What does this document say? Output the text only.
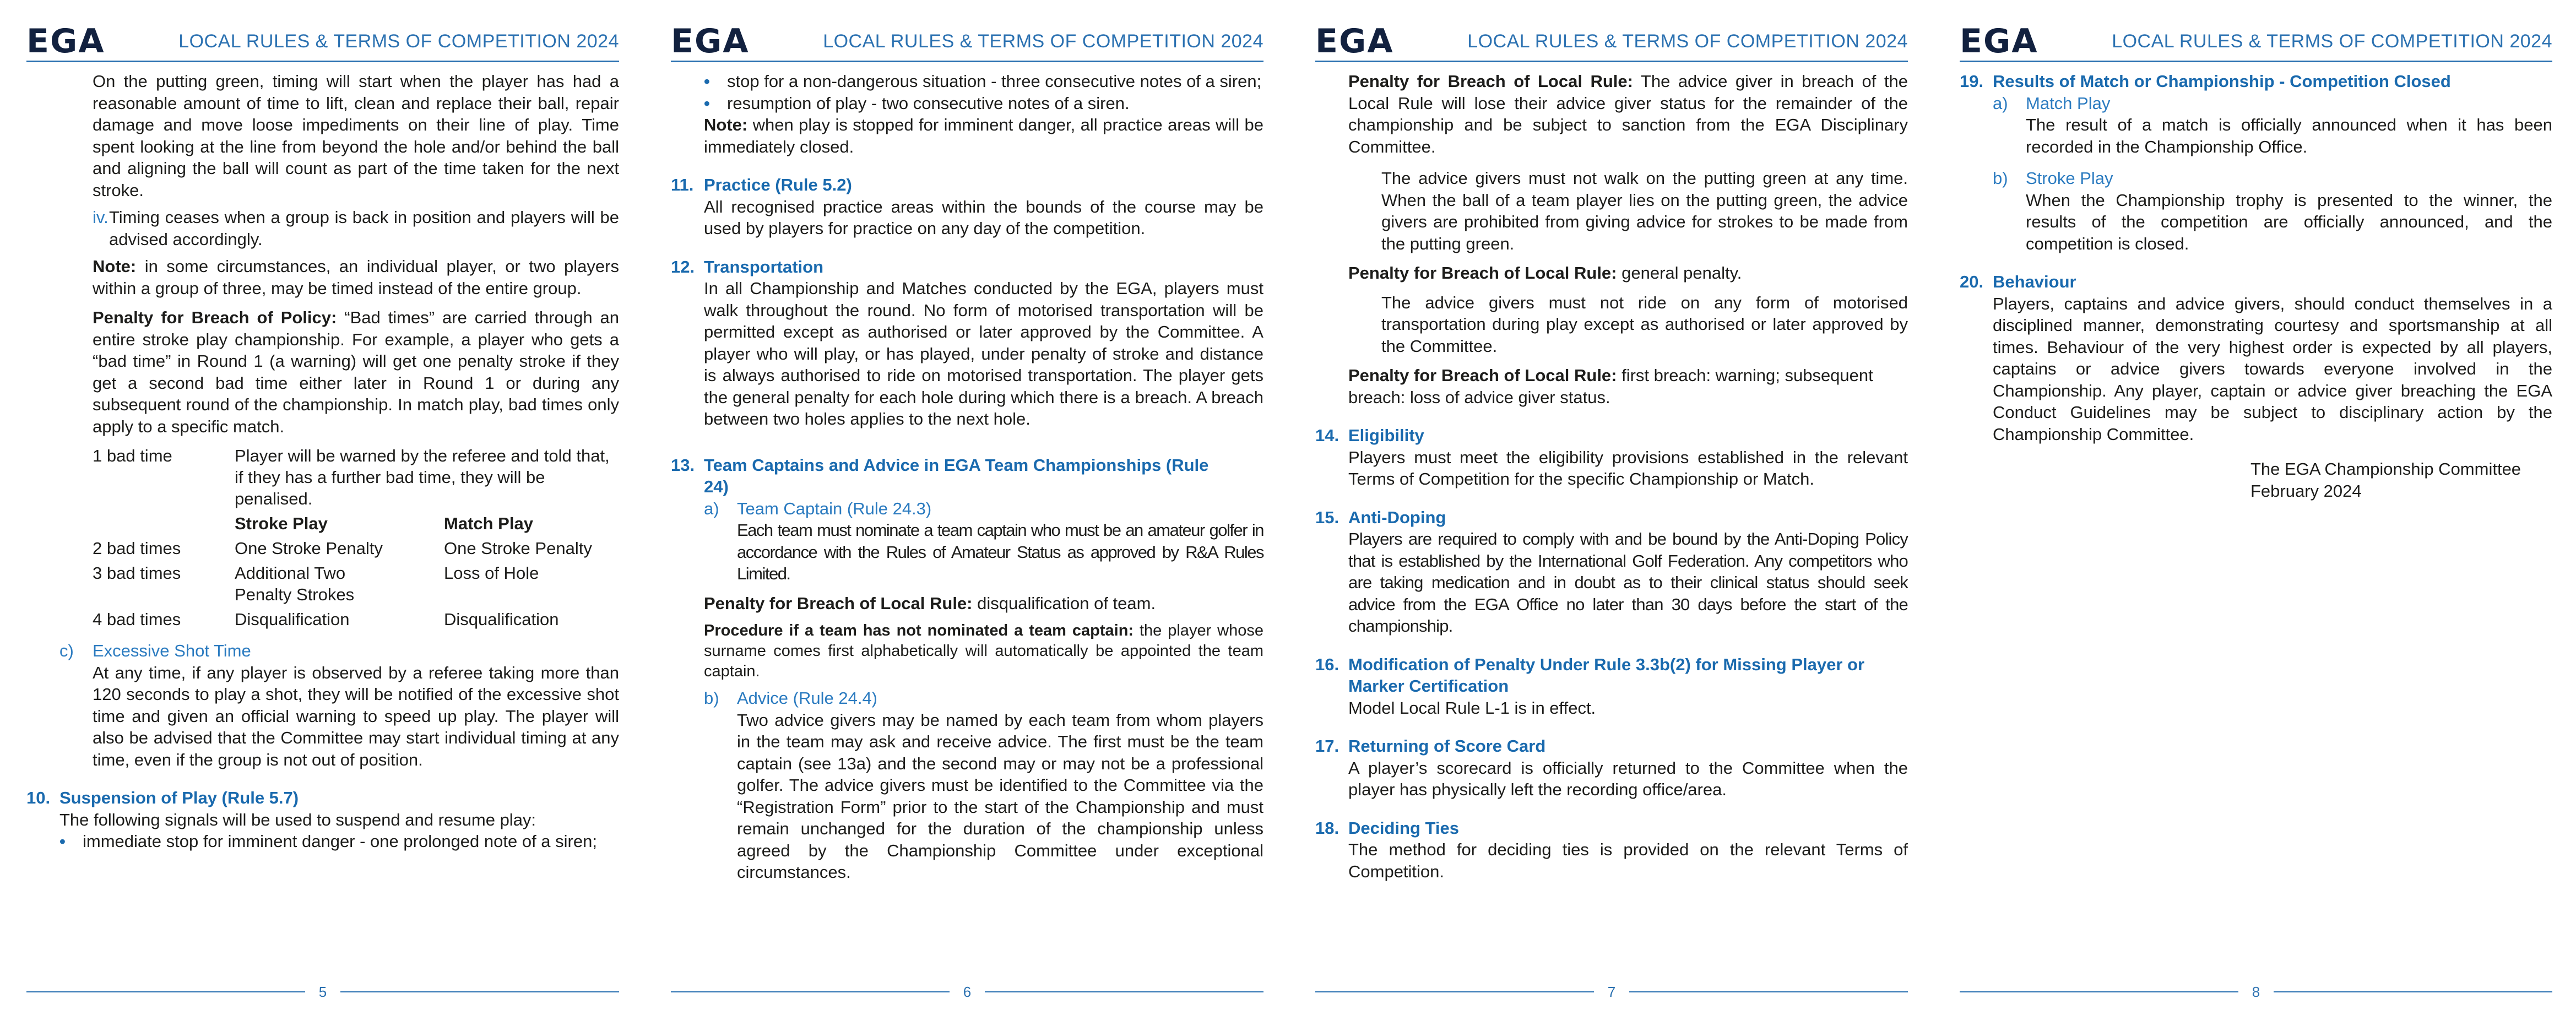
EGA	LOCAL RULES & TERMS OF COMPETITION 2024

On the putting green, timing will start when the player has had a reasonable amount of time to lift, clean and replace their ball, repair damage and move loose impediments on their line of play. Time spent looking at the line from beyond the hole and/or behind the ball and aligning the ball will count as part of the time taken for the next stroke.

iv. Timing ceases when a group is back in position and players will be advised accordingly.

Note: in some circumstances, an individual player, or two players within a group of three, may be timed instead of the entire group.

Penalty for Breach of Policy: “Bad times” are carried through an entire stroke play championship. For example, a player who gets a “bad time” in Round 1 (a warning) will get one penalty stroke if they get a second bad time either later in Round 1 or during any subsequent round of the championship. In match play, bad times only apply to a specific match.

1 bad time	Player will be warned by the referee and told that, if they has a further bad time, they will be penalised.	
	Stroke Play	Match Play
2 bad times	One Stroke Penalty	One Stroke Penalty
3 bad times	Additional Two Penalty Strokes	Loss of Hole
4 bad times	Disqualification	Disqualification
c)	Excessive Shot Time

At any time, if any player is observed by a referee taking more than 120 seconds to play a shot, they will be notified of the excessive shot time and given an official warning to speed up play. The player will also be advised that the Committee may start individual timing at any time, even if the group is not out of position.

10. Suspension of Play (Rule 5.7)

The following signals will be used to suspend and resume play:

•	immediate stop for imminent danger - one prolonged note of a siren;

5
EGA	LOCAL RULES & TERMS OF COMPETITION 2024
•	stop for a non-dangerous situation - three consecutive notes of a siren;

•	resumption of play - two consecutive notes of a siren.

Note: when play is stopped for imminent danger, all practice areas will be immediately closed.

11. Practice (Rule 5.2)

All recognised practice areas within the bounds of the course may be used by players for practice on any day of the competition.

12. Transportation

In all Championship and Matches conducted by the EGA, players must walk throughout the round. No form of motorised transportation will be permitted except as authorised or later approved by the Committee. A player who will play, or has played, under penalty of stroke and distance is always authorised to ride on motorised transportation. The player gets the general penalty for each hole during which there is a breach. A breach between two holes applies to the next hole.

13. Team Captains and Advice in EGA Team Championships (Rule 24)
a)	Team Captain (Rule 24.3)

Each team must nominate a team captain who must be an amateur golfer in accordance with the Rules of Amateur Status as approved by R&A Rules Limited.

Penalty for Breach of Local Rule: disqualification of team.

Procedure if a team has not nominated a team captain: the player whose surname comes first alphabetically will automatically be appointed the team captain.

b)	Advice (Rule 24.4)

Two advice givers may be named by each team from whom players in the team may ask and receive advice. The first must be the team captain (see 13a) and the second may or may not be a professional golfer. The advice givers must be identified to the Committee via the “Registration Form” prior to the start of the Championship and must remain unchanged for the duration of the championship unless agreed by the Championship Committee under exceptional circumstances.

6
EGA	LOCAL RULES & TERMS OF COMPETITION 2024

Penalty for Breach of Local Rule: The advice giver in breach of the Local Rule will lose their advice giver status for the remainder of the championship and be subject to sanction from the EGA Disciplinary Committee.

The advice givers must not walk on the putting green at any time. When the ball of a team player lies on the putting green, the advice givers are prohibited from giving advice for strokes to be made from the putting green.

Penalty for Breach of Local Rule: general penalty.

The advice givers must not ride on any form of motorised transportation during play except as authorised or later approved by the Committee.

Penalty for Breach of Local Rule: first breach: warning; subsequent breach: loss of advice giver status.

14. Eligibility

Players must meet the eligibility provisions established in the relevant Terms of Competition for the specific Championship or Match.

15. Anti-Doping

Players are required to comply with and be bound by the Anti-Doping Policy that is established by the International Golf Federation. Any competitors who are taking medication and in doubt as to their clinical status should seek advice from the EGA Office no later than 30 days before the start of the championship.

16. Modification of Penalty Under Rule 3.3b(2) for Missing Player or Marker Certification

Model Local Rule L-1 is in effect.

17. Returning of Score Card

A player’s scorecard is officially returned to the Committee when the player has physically left the recording office/area.

18. Deciding Ties

The method for deciding ties is provided on the relevant Terms of Competition.

7
EGA	LOCAL RULES & TERMS OF COMPETITION 2024
19. Results of Match or Championship - Competition Closed
a)	Match Play

The result of a match is officially announced when it has been recorded in the Championship Office.

b)	Stroke Play

When the Championship trophy is presented to the winner, the results of the competition are officially announced, and the competition is closed.

20. Behaviour

Players, captains and advice givers, should conduct themselves in a disciplined manner, demonstrating courtesy and sportsmanship at all times. Behaviour of the very highest order is expected by all players, captains or advice givers towards everyone involved in the Championship. Any player, captain or advice giver breaching the EGA Conduct Guidelines may be subject to disciplinary action by the Championship Committee.

The EGA Championship Committee

February 2024

8
